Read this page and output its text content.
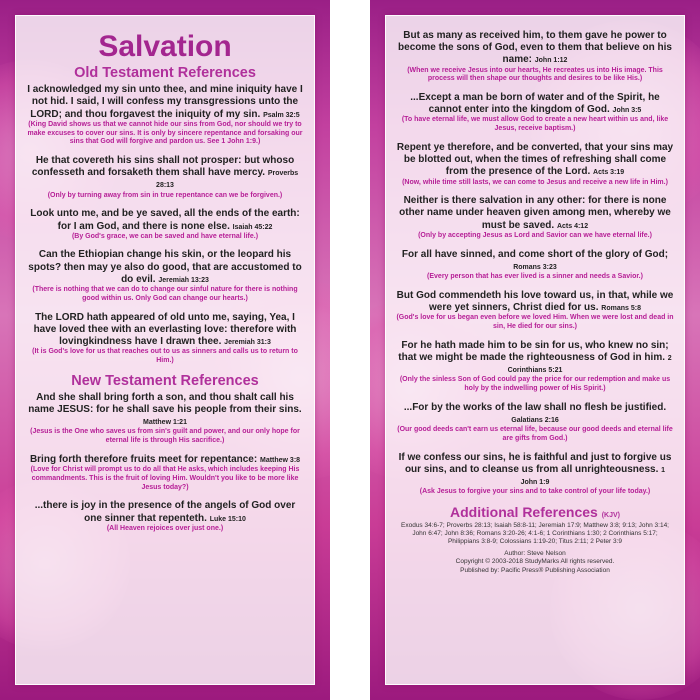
Salvation
Old Testament References
I acknowledged my sin unto thee, and mine iniquity have I not hid. I said, I will confess my transgressions unto the LORD; and thou forgavest the iniquity of my sin. Psalm 32:5
(King David shows us that we cannot hide our sins from God, nor should we try to make excuses to cover our sins. It is only by sincere repentance and forsaking our sins that God will forgive and pardon us. See 1 John 1:9.)
He that covereth his sins shall not prosper: but whoso confesseth and forsaketh them shall have mercy. Proverbs 28:13
(Only by turning away from sin in true repentance can we be forgiven.)
Look unto me, and be ye saved, all the ends of the earth: for I am God, and there is none else. Isaiah 45:22
(By God's grace, we can be saved and have eternal life.)
Can the Ethiopian change his skin, or the leopard his spots? then may ye also do good, that are accustomed to do evil. Jeremiah 13:23
(There is nothing that we can do to change our sinful nature for there is nothing good within us. Only God can change our hearts.)
The LORD hath appeared of old unto me, saying, Yea, I have loved thee with an everlasting love: therefore with lovingkindness have I drawn thee. Jeremiah 31:3
(It is God's love for us that reaches out to us as sinners and calls us to return to Him.)
New Testament References
And she shall bring forth a son, and thou shalt call his name JESUS: for he shall save his people from their sins. Matthew 1:21
(Jesus is the One who saves us from sin's guilt and power, and our only hope for eternal life is through His sacrifice.)
Bring forth therefore fruits meet for repentance: Matthew 3:8
(Love for Christ will prompt us to do all that He asks, which includes keeping His commandments. This is the fruit of loving Him. Wouldn't you like to be more like Jesus today?)
...there is joy in the presence of the angels of God over one sinner that repenteth. Luke 15:10
(All Heaven rejoices over just one.)
But as many as received him, to them gave he power to become the sons of God, even to them that believe on his name: John 1:12
(When we receive Jesus into our hearts, He recreates us into His image. This process will then shape our thoughts and desires to be like His.)
...Except a man be born of water and of the Spirit, he cannot enter into the kingdom of God. John 3:5
(To have eternal life, we must allow God to create a new heart within us and, like Jesus, receive baptism.)
Repent ye therefore, and be converted, that your sins may be blotted out, when the times of refreshing shall come from the presence of the Lord. Acts 3:19
(Now, while time still lasts, we can come to Jesus and receive a new life in Him.)
Neither is there salvation in any other: for there is none other name under heaven given among men, whereby we must be saved. Acts 4:12
(Only by accepting Jesus as Lord and Savior can we have eternal life.)
For all have sinned, and come short of the glory of God; Romans 3:23
(Every person that has ever lived is a sinner and needs a Savior.)
But God commendeth his love toward us, in that, while we were yet sinners, Christ died for us. Romans 5:8
(God's love for us began even before we loved Him. When we were lost and dead in sin, He died for our sins.)
For he hath made him to be sin for us, who knew no sin; that we might be made the righteousness of God in him. 2 Corinthians 5:21
(Only the sinless Son of God could pay the price for our redemption and make us holy by the indwelling power of His Spirit.)
...For by the works of the law shall no flesh be justified. Galatians 2:16
(Our good deeds can't earn us eternal life, because our good deeds and eternal life are gifts from God.)
If we confess our sins, he is faithful and just to forgive us our sins, and to cleanse us from all unrighteousness. 1 John 1:9
(Ask Jesus to forgive your sins and to take control of your life today.)
Additional References (KJV)
Exodus 34:6-7; Proverbs 28:13; Isaiah 58:8-11; Jeremiah 17:9; Matthew 3:8; 9:13; John 3:14; John 6:47; John 8:36; Romans 3:20-26; 4:1-6; 1 Corinthians 1:30; 2 Corinthians 5:17; Philippians 3:8-9; Colossians 1:19-20; Titus 2:11; 2 Peter 3:9
Author: Steve Nelson
Copyright © 2003-2018 StudyMarks All rights reserved.
Published by: Pacific Press® Publishing Association
